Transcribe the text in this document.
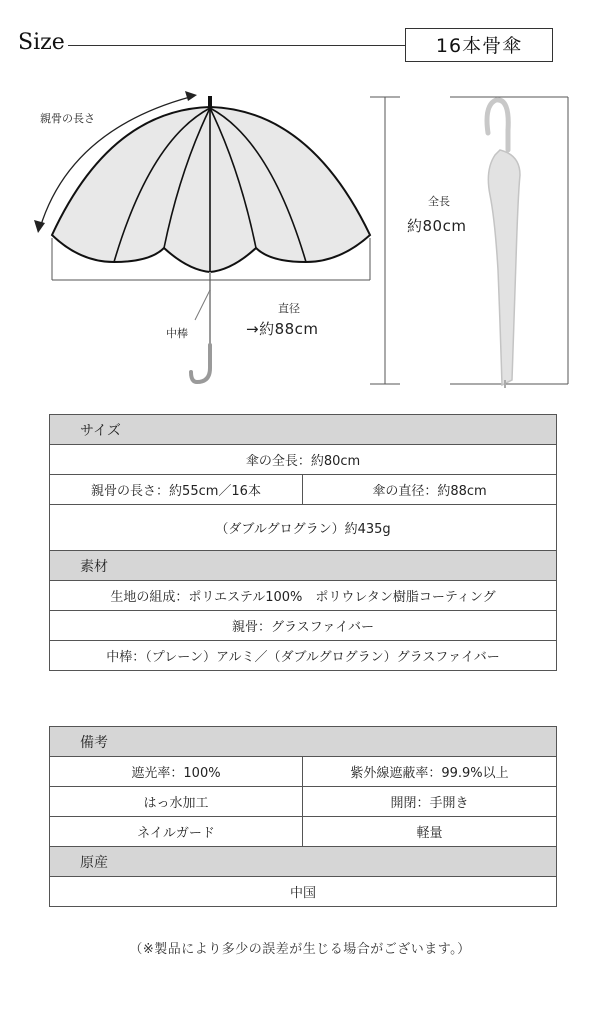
Size	16本骨傘
親骨の長さ
中棒
直径
→約88cm
全長
約80cm
サイズ
傘の全長：約80cm
親骨の長さ：約55cm／16本	傘の直径：約88cm
（ダブルグログラン）約435g
素材
生地の組成：ポリエステル100%　ポリウレタン樹脂コーティング
親骨：グラスファイバー
中棒：（プレーン）アルミ／（ダブルグログラン）グラスファイバー
備考	
遮光率：100%	紫外線遮蔽率：99.9%以上
はっ水加工	開閉：手開き
ネイルガード	軽量
原産	
中国	
（※製品により多少の誤差が生じる場合がございます。）
